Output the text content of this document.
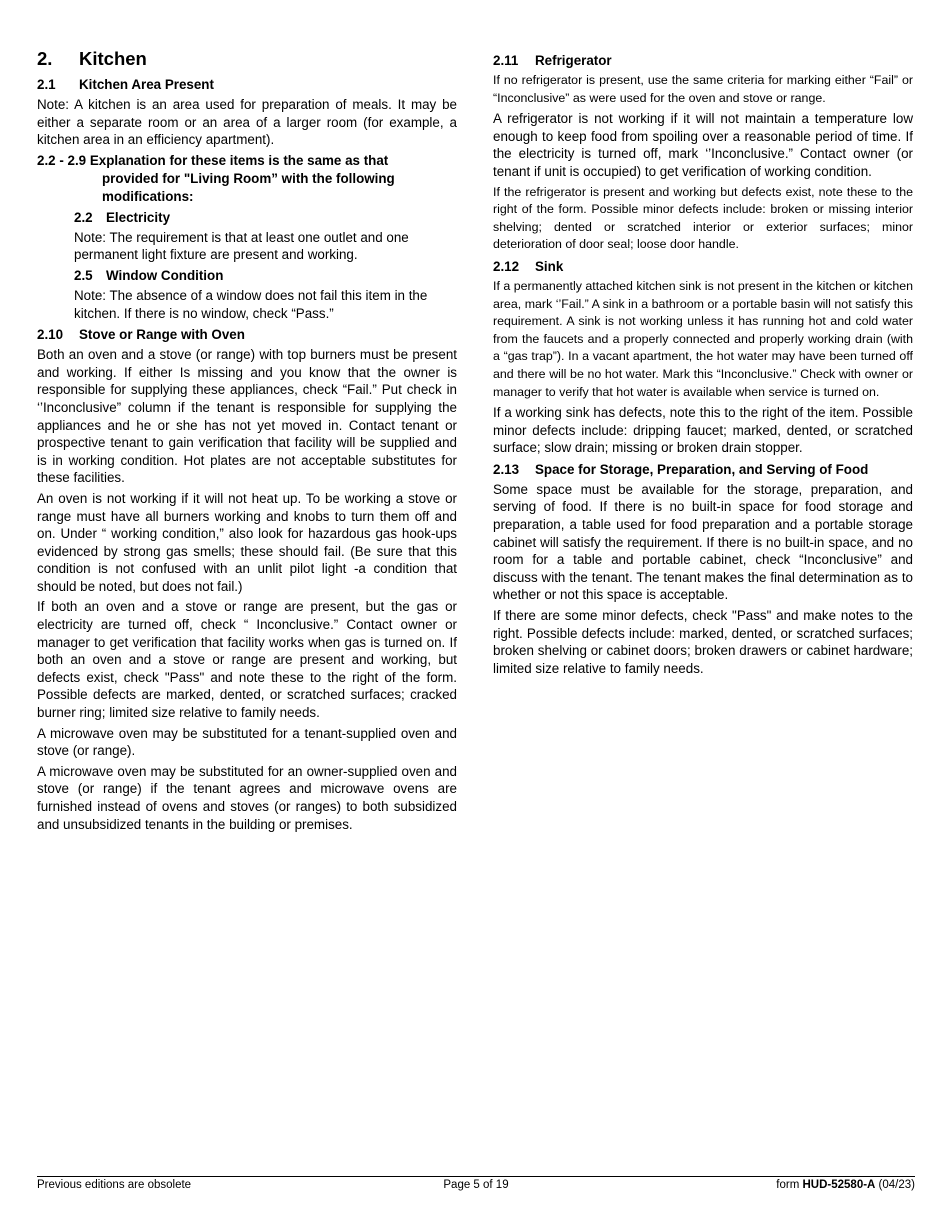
2. Kitchen
2.1 Kitchen Area Present

Note: A kitchen is an area used for preparation of meals. It may be either a separate room or an area of a larger room (for example, a kitchen area in an efficiency apartment).

2.2 - 2.9 Explanation for these items is the same as that
provided for "Living Room” with the following
modifications:
2.2 Electricity

Note: The requirement is that at least one outlet and one permanent light fixture are present and working.

2.5 Window Condition

Note: The absence of a window does not fail this item in the kitchen. If there is no window, check “Pass.”

2.10 Stove or Range with Oven

Both an oven and a stove (or range) with top burners must be present and working. If either Is missing and you know that the owner is responsible for supplying these appliances, check “Fail.” Put check in ‘’Inconclusive” column if the tenant is responsible for supplying the appliances and he or she has not yet moved in. Contact tenant or prospective tenant to gain verification that facility will be supplied and is in working condition. Hot plates are not acceptable substitutes for these facilities.

An oven is not working if it will not heat up. To be working a stove or range must have all burners working and knobs to turn them off and on. Under “ working condition,” also look for hazardous gas hook-ups evidenced by strong gas smells; these should fail. (Be sure that this condition is not confused with an unlit pilot light -a condition that should be noted, but does not fail.)

If both an oven and a stove or range are present, but the gas or electricity are turned off, check “ Inconclusive.” Contact owner or manager to get verification that facility works when gas is turned on. If both an oven and a stove or range are present and working, but defects exist, check "Pass" and note these to the right of the form. Possible defects are marked, dented, or scratched surfaces; cracked burner ring; limited size relative to family needs.

A microwave oven may be substituted for a tenant-supplied oven and stove (or range).

A microwave oven may be substituted for an owner-supplied oven and stove (or range) if the tenant agrees and microwave ovens are furnished instead of ovens and stoves (or ranges) to both subsidized and unsubsidized tenants in the building or premises.

2.11 Refrigerator

If no refrigerator is present, use the same criteria for marking either “Fail” or “Inconclusive” as were used for the oven and stove or range.

A refrigerator is not working if it will not maintain a temperature low enough to keep food from spoiling over a reasonable period of time. If the electricity is turned off, mark ‘’Inconclusive.” Contact owner (or tenant if unit is occupied) to get verification of working condition.

If the refrigerator is present and working but defects exist, note these to the right of the form. Possible minor defects include: broken or missing interior shelving; dented or scratched interior or exterior surfaces; minor deterioration of door seal; loose door handle.

2.12 Sink

If a permanently attached kitchen sink is not present in the kitchen or kitchen area, mark ‘’Fail.” A sink in a bathroom or a portable basin will not satisfy this requirement. A sink is not working unless it has running hot and cold water from the faucets and a properly connected and properly working drain (with a “gas trap”). In a vacant apartment, the hot water may have been turned off and there will be no hot water. Mark this “Inconclusive.” Check with owner or manager to verify that hot water is available when service is turned on.

If a working sink has defects, note this to the right of the item. Possible minor defects include: dripping faucet; marked, dented, or scratched surface; slow drain; missing or broken drain stopper.

2.13 Space for Storage, Preparation, and Serving of Food

Some space must be available for the storage, preparation, and serving of food. If there is no built-in space for food storage and preparation, a table used for food preparation and a portable storage cabinet will satisfy the requirement. If there is no built-in space, and no room for a table and portable cabinet, check “Inconclusive” and discuss with the tenant. The tenant makes the final determination as to whether or not this space is acceptable.

If there are some minor defects, check "Pass" and make notes to the right. Possible defects include: marked, dented, or scratched surfaces; broken shelving or cabinet doors; broken drawers or cabinet hardware; limited size relative to family needs.

Previous editions are obsolete	Page 5 of 19	form HUD-52580-A (04/23)
